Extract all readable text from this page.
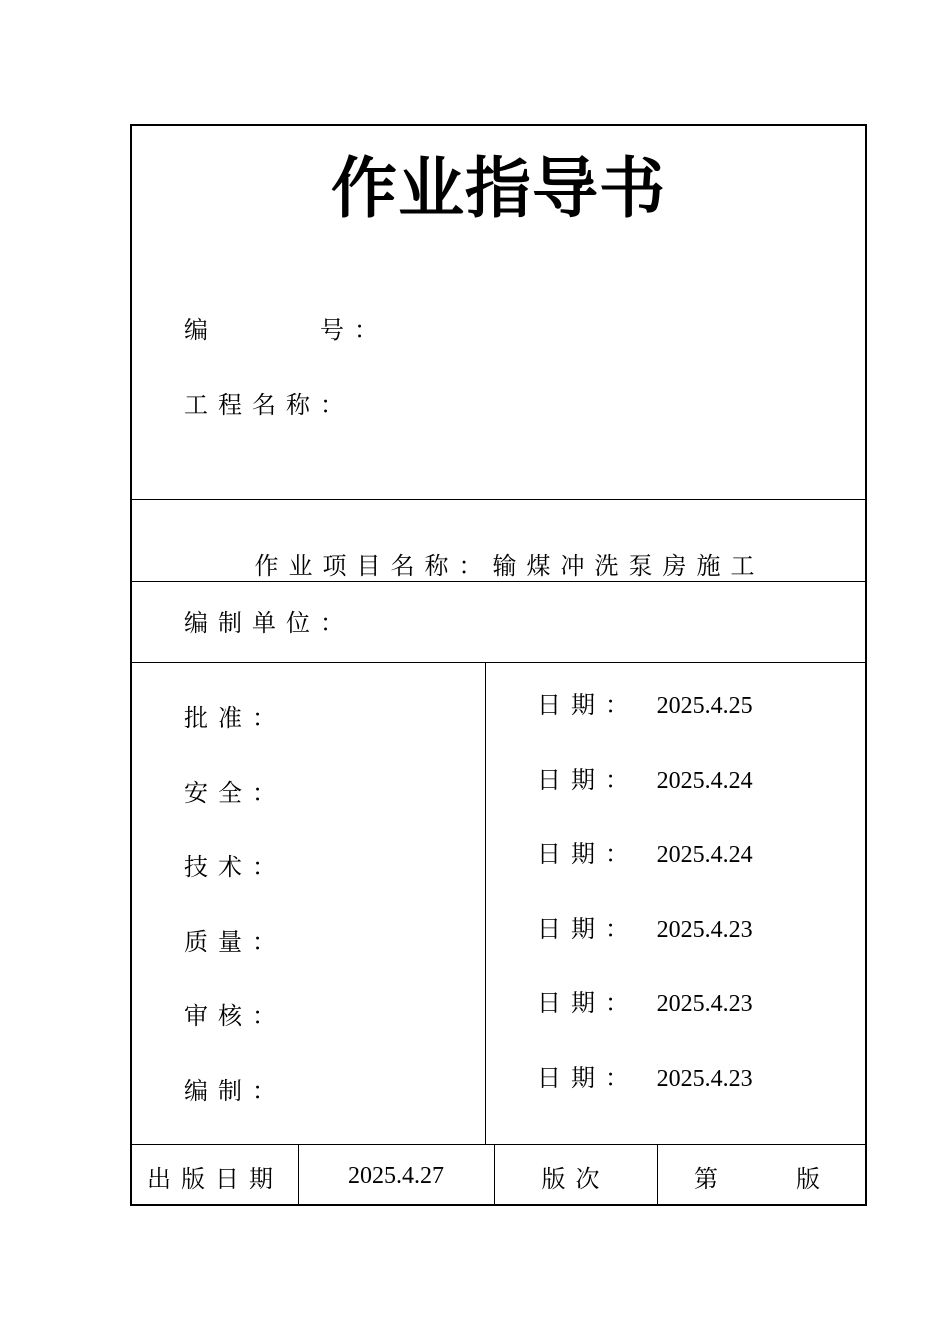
作业指导书
编　　　号：
工程名称：

作业项目名称：输煤冲洗泵房施工

编制单位：
批准：	日期： 2025.4.25
安全：	日期： 2025.4.24
技术：	日期： 2025.4.24
质量：	日期： 2025.4.23
审核：	日期： 2025.4.23
编制：	日期： 2025.4.23
出版日期	2025.4.27	版次	第　　版
